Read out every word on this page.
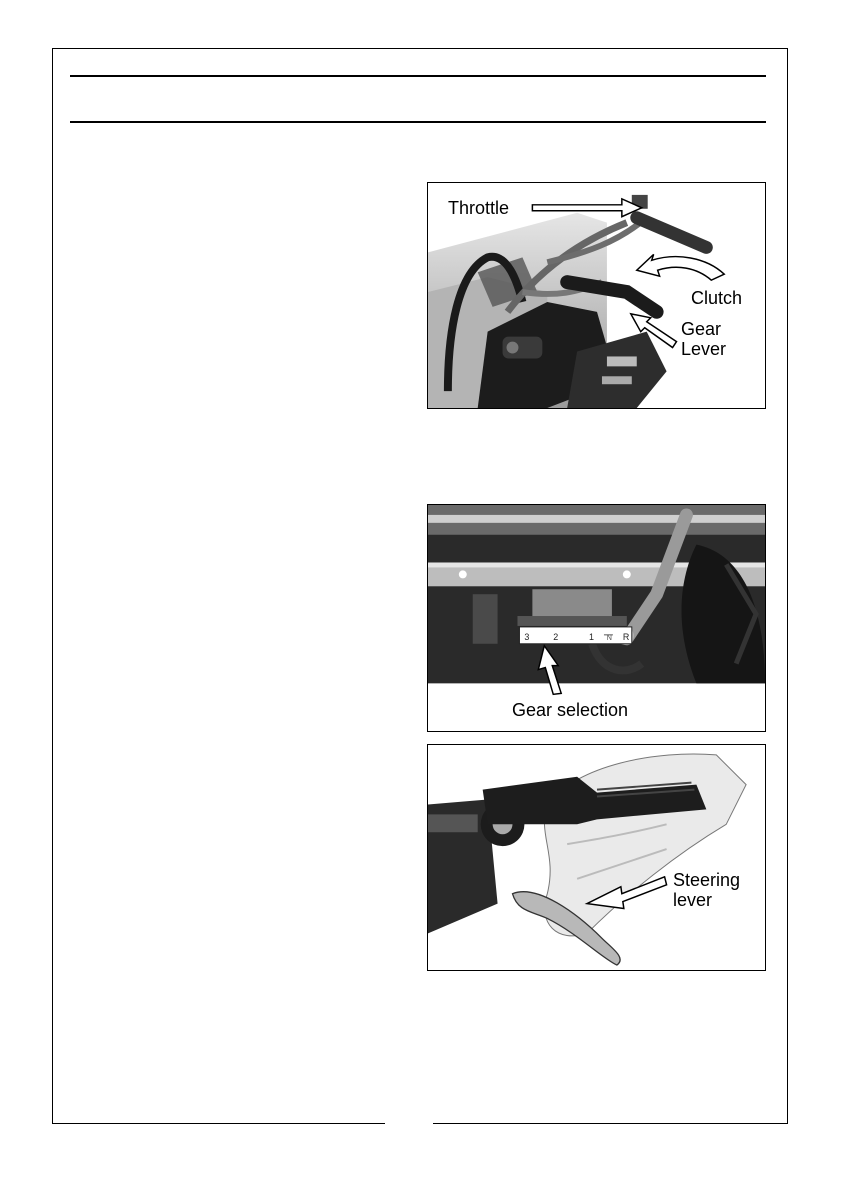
Throttle
Clutch
Gear
Lever
3	2	1 N R
Gear selection
Steering
lever
